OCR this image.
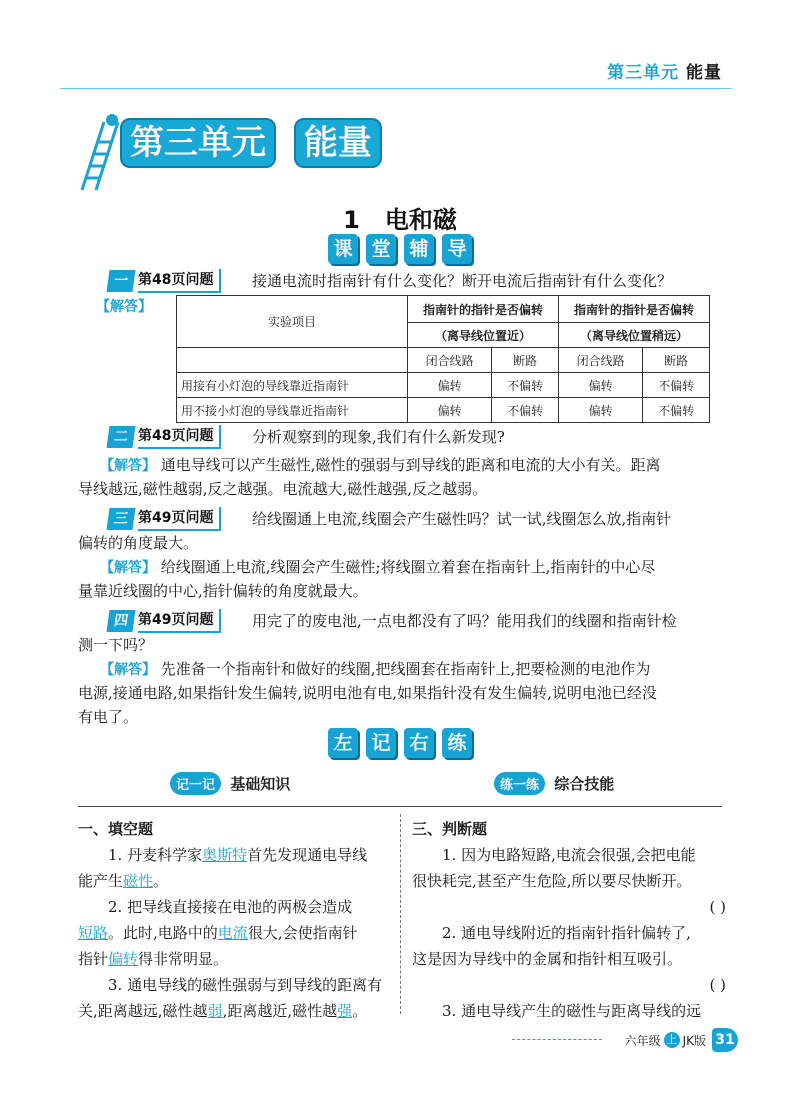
第三单元 能量
第三单元 能量
1 电和磁
课 堂 辅 导
一 第48页问题	接通电流时指南针有什么变化？断开电流后指南针有什么变化？
【解答】
实验项目	指南针的指针是否偏转		指南针的指针是否偏转	

	（离导线位置近）		（离导线位置稍远）	
	闭合线路	断路	闭合线路	断路
用接有小灯泡的导线靠近指南针	偏转	不偏转	偏转	不偏转
用不接小灯泡的导线靠近指南针	偏转	不偏转	偏转	不偏转
二 第48页问题	分析观察到的现象,我们有什么新发现?
【解答】 通电导线可以产生磁性,磁性的强弱与到导线的距离和电流的大小有关。距离
导线越远,磁性越弱,反之越强。电流越大,磁性越强,反之越弱。
三 第49页问题	给线圈通上电流,线圈会产生磁性吗？试一试,线圈怎么放,指南针
偏转的角度最大。
【解答】 给线圈通上电流,线圈会产生磁性;将线圈立着套在指南针上,指南针的中心尽
量靠近线圈的中心,指针偏转的角度就最大。
四 第49页问题	用完了的废电池,一点电都没有了吗？能用我们的线圈和指南针检
测一下吗？
【解答】 先准备一个指南针和做好的线圈,把线圈套在指南针上,把要检测的电池作为
电源,接通电路,如果指针发生偏转,说明电池有电,如果指针没有发生偏转,说明电池已经没
有电了。
左 记 右 练
记一记 基础知识	练一练 综合技能
一、填空题
1. 丹麦科学家奥斯特首先发现通电导线
能产生磁性。
2. 把导线直接接在电池的两极会造成
短路。此时,电路中的电流很大,会使指南针
指针偏转得非常明显。
3. 通电导线的磁性强弱与到导线的距离有
关,距离越远,磁性越弱,距离越近,磁性越强。
三、判断题
1. 因为电路短路,电流会很强,会把电能
很快耗完,甚至产生危险,所以要尽快断开。
( )
2. 通电导线附近的指南针指针偏转了,
这是因为导线中的金属和指针相互吸引。
( )
3. 通电导线产生的磁性与距离导线的远
六年级 上 JK版 31
